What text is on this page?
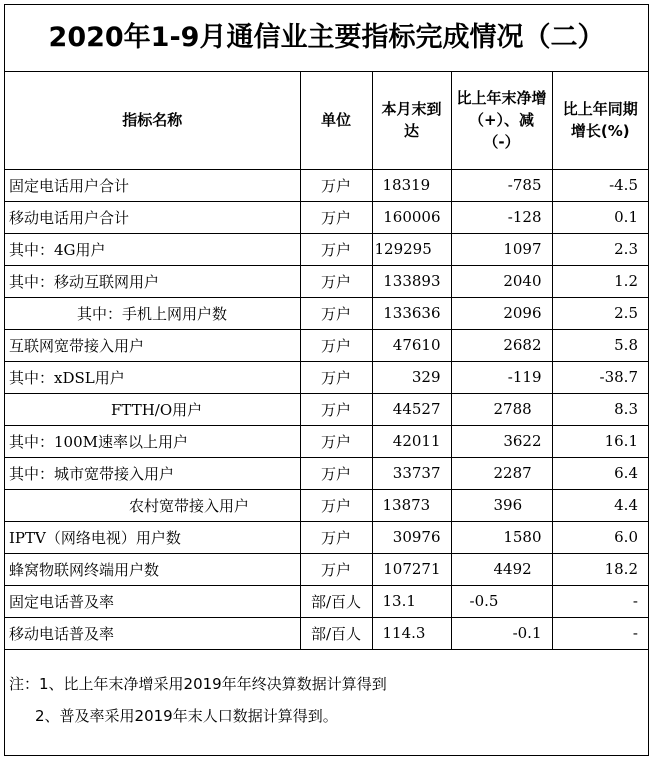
2020年1-9月通信业主要指标完成情况（二）
指标名称	单位	本月末到达	比上年末净增（+）、减（-）	比上年同期增长(%)
固定电话用户合计	万户	18319	-785	-4.5
移动电话用户合计	万户	160006	-128	0.1
其中：4G用户	万户	129295	1097	2.3
其中：移动互联网用户	万户	133893	2040	1.2
其中：手机上网用户数	万户	133636	2096	2.5
互联网宽带接入用户	万户	47610	2682	5.8
其中：xDSL用户	万户	329	-119	-38.7
FTTH/O用户	万户	44527	2788	8.3
其中：100M速率以上用户	万户	42011	3622	16.1
其中：城市宽带接入用户	万户	33737	2287	6.4
农村宽带接入用户	万户	13873	396	4.4
IPTV（网络电视）用户数	万户	30976	1580	6.0
蜂窝物联网终端用户数	万户	107271	4492	18.2
固定电话普及率	部/百人	13.1	-0.5	-
移动电话普及率	部/百人	114.3	-0.1	-
注：1、比上年末净增采用2019年年终决算数据计算得到
2、普及率采用2019年末人口数据计算得到。
